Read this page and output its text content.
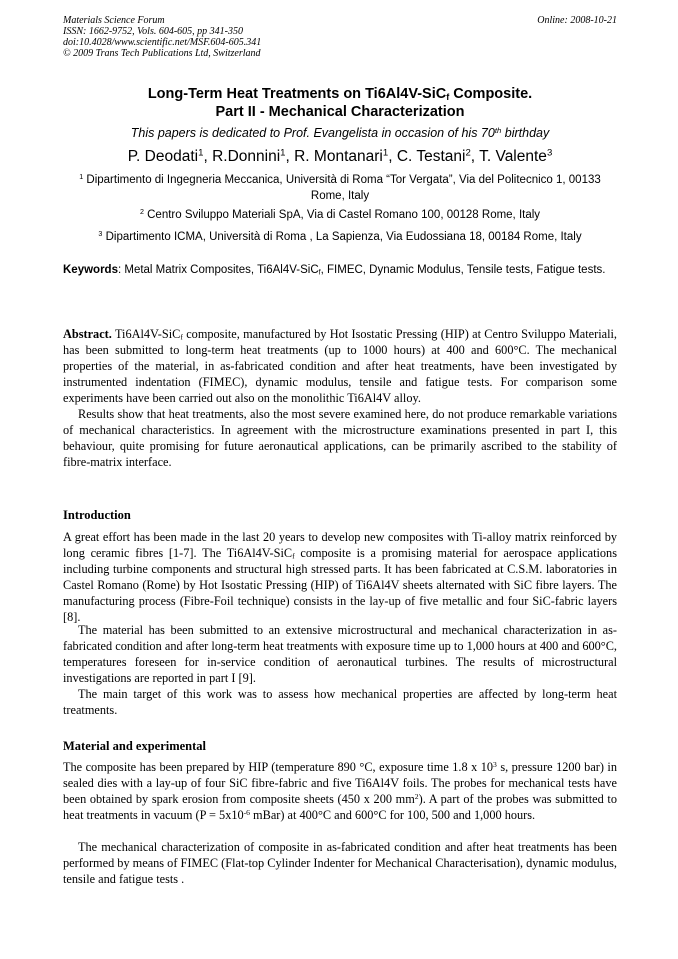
Materials Science Forum
ISSN: 1662-9752, Vols. 604-605, pp 341-350
doi:10.4028/www.scientific.net/MSF.604-605.341
© 2009 Trans Tech Publications Ltd, Switzerland
Online: 2008-10-21
Long-Term Heat Treatments on Ti6Al4V-SiC$_f$ Composite.
Part II - Mechanical Characterization
This papers is dedicated to Prof. Evangelista in occasion of his 70th birthday
P. Deodati$^1$, R.Donnini$^1$, R. Montanari$^1$, C. Testani$^2$, T. Valente$^3$
$^1$ Dipartimento di Ingegneria Meccanica, Università di Roma “Tor Vergata”, Via del Politecnico 1, 00133 Rome, Italy
$^2$ Centro Sviluppo Materiali SpA, Via di Castel Romano 100, 00128 Rome, Italy
$^3$ Dipartimento ICMA, Università di Roma , La Sapienza, Via Eudossiana 18, 00184 Rome, Italy
Keywords: Metal Matrix Composites, Ti6Al4V-SiC$_f$, FIMEC, Dynamic Modulus, Tensile tests, Fatigue tests.
Abstract. Ti6Al4V-SiC$_f$ composite, manufactured by Hot Isostatic Pressing (HIP) at Centro Sviluppo Materiali, has been submitted to long-term heat treatments (up to 1000 hours) at 400 and 600°C. The mechanical properties of the material, in as-fabricated condition and after heat treatments, have been investigated by instrumented indentation (FIMEC), dynamic modulus, tensile and fatigue tests. For comparison some experiments have been carried out also on the monolithic Ti6Al4V alloy.
Results show that heat treatments, also the most severe examined here, do not produce remarkable variations of mechanical characteristics. In agreement with the microstructure examinations presented in part I, this behaviour, quite promising for future aeronautical applications, can be primarily ascribed to the stability of fibre-matrix interface.
Introduction
A great effort has been made in the last 20 years to develop new composites with Ti-alloy matrix reinforced by long ceramic fibres [1-7]. The Ti6Al4V-SiC$_f$ composite is a promising material for aerospace applications including turbine components and structural high stressed parts. It has been fabricated at C.S.M. laboratories in Castel Romano (Rome) by Hot Isostatic Pressing (HIP) of Ti6Al4V sheets alternated with SiC fibre layers. The manufacturing process (Fibre-Foil technique) consists in the lay-up of five metallic and four SiC-fabric layers [8].
The material has been submitted to an extensive microstructural and mechanical characterization in as-fabricated condition and after long-term heat treatments with exposure time up to 1,000 hours at 400 and 600°C, temperatures foreseen for in-service condition of aeronautical turbines. The results of microstructural investigations are reported in part I [9].
The main target of this work was to assess how mechanical properties are affected by long-term heat treatments.
Material and experimental
The composite has been prepared by HIP (temperature 890 °C, exposure time 1.8 x $10^3$ s, pressure 1200 bar) in sealed dies with a lay-up of four SiC fibre-fabric and five Ti6Al4V foils. The probes for mechanical tests have been obtained by spark erosion from composite sheets (450 x 200 $mm^2$). A part of the probes was submitted to heat treatments in vacuum ($P = 5x10^{-6}$ mBar) at 400°C and 600°C for 100, 500 and 1,000 hours.
The mechanical characterization of composite in as-fabricated condition and after heat treatments has been performed by means of FIMEC (Flat-top Cylinder Indenter for Mechanical Characterisation), dynamic modulus, tensile and fatigue tests .
